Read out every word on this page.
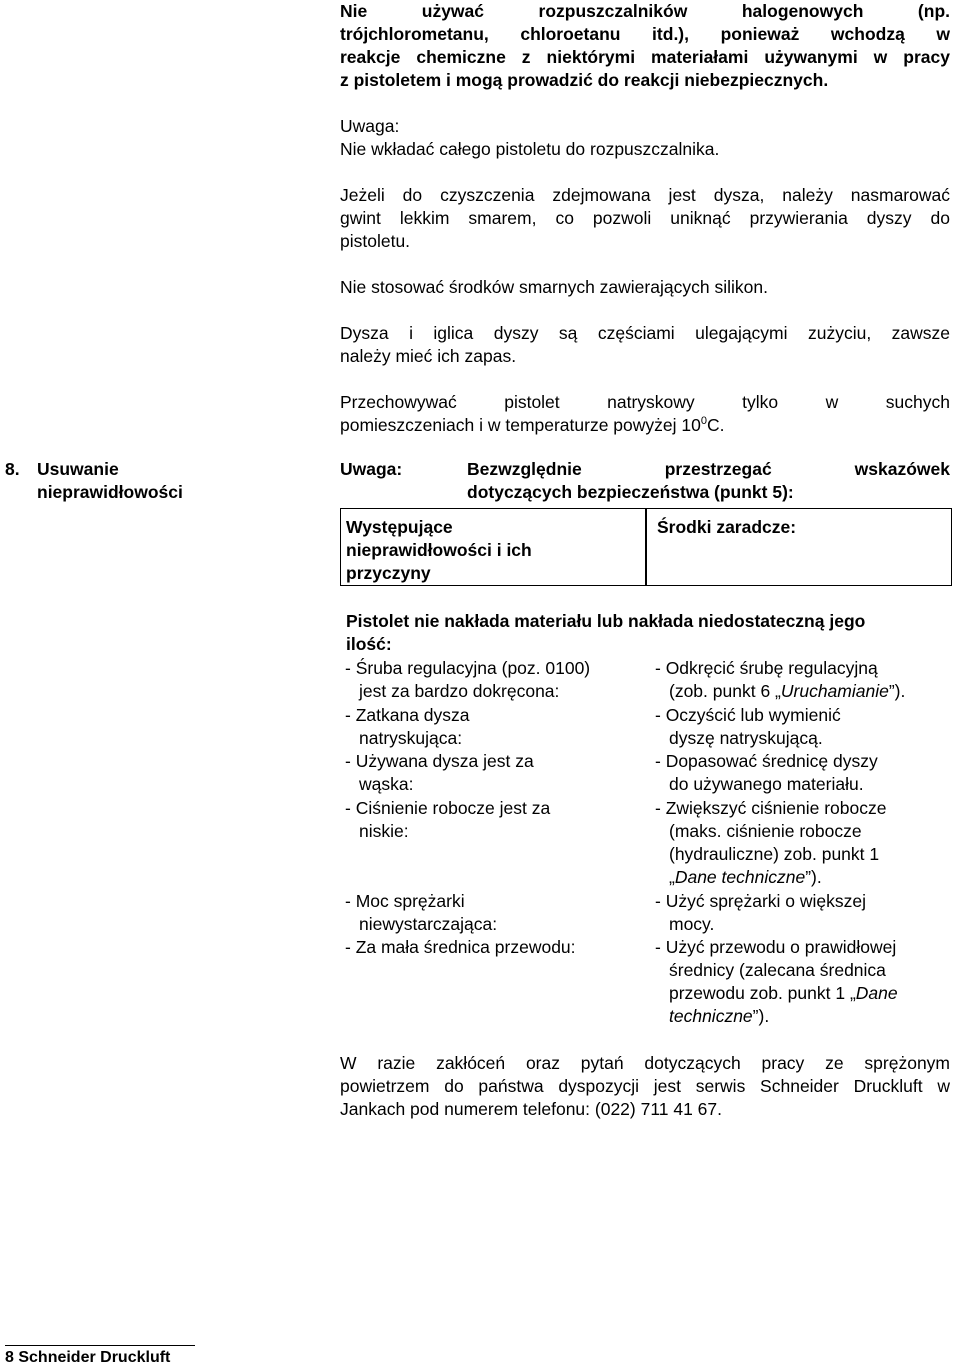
Nie używać rozpuszczalników halogenowych (np.
trójchlorometanu, chloroetanu itd.), ponieważ wchodzą w
reakcje chemiczne z niektórymi materiałami używanymi w pracy
z pistoletem i mogą prowadzić do reakcji niebezpiecznych.
Uwaga:
Nie wkładać całego pistoletu do rozpuszczalnika.
Jeżeli do czyszczenia zdejmowana jest dysza, należy nasmarować
gwint lekkim smarem, co pozwoli uniknąć przywierania dyszy do
pistoletu.
Nie stosować środków smarnych zawierających silikon.
Dysza i iglica dyszy są częściami ulegającymi zużyciu, zawsze
należy mieć ich zapas.
Przechowywać pistolet natryskowy tylko w suchych
pomieszczeniach i w temperaturze powyżej $10^0C$.
8. Usuwanie
nieprawidłowości
Uwaga:	Bezwzględnie przestrzegać wskazówek
dotyczących bezpieczeństwa (punkt 5):
Występujące
nieprawidłowości i ich
przyczyny
Środki zaradcze:
Pistolet nie nakłada materiału lub nakłada niedostateczną jego
ilość:
- Śruba regulacyjna (poz. 0100)
jest za bardzo dokręcona:
- Odkręcić śrubę regulacyjną
(zob. punkt 6 „Uruchamianie”).
- Zatkana dysza
natryskująca:
- Oczyścić lub wymienić
dyszę natryskującą.
- Używana dysza jest za
wąska:
- Dopasować średnicę dyszy
do używanego materiału.
- Ciśnienie robocze jest za
niskie:
- Zwiększyć ciśnienie robocze
(maks. ciśnienie robocze
(hydrauliczne) zob. punkt 1
„Dane techniczne”).
- Moc sprężarki
niewystarczająca:
- Użyć sprężarki o większej
mocy.
- Za mała średnica przewodu:	- Użyć przewodu o prawidłowej
średnicy (zalecana średnica
przewodu zob. punkt 1 „Dane
techniczne”).
W razie zakłóceń oraz pytań dotyczących pracy ze sprężonym
powietrzem do państwa dyspozycji jest serwis Schneider Druckluft w
Jankach pod numerem telefonu: (022) 711 41 67.
8 Schneider Druckluft
